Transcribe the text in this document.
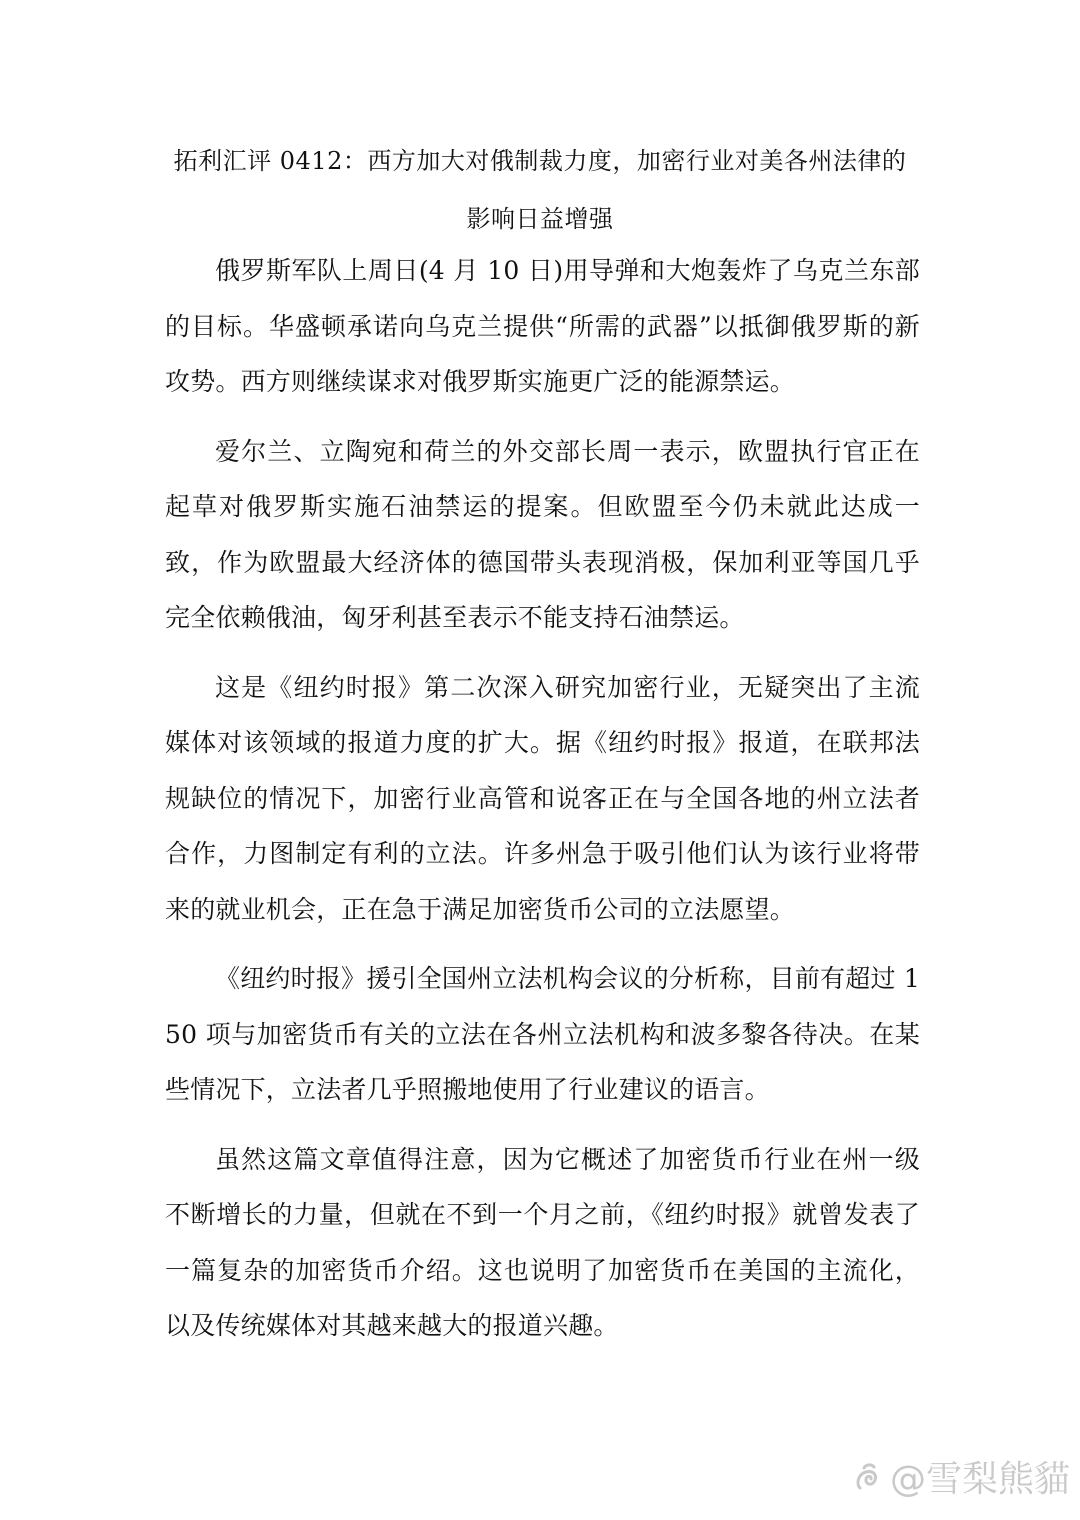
拓利汇评 0412：西方加大对俄制裁力度，加密行业对美各州法律的
影响日益增强

俄罗斯军队上周日(4 月 10 日)用导弹和大炮轰炸了乌克兰东部的目标。华盛顿承诺向乌克兰提供“所需的武器”以抵御俄罗斯的新攻势。西方则继续谋求对俄罗斯实施更广泛的能源禁运。

爱尔兰、立陶宛和荷兰的外交部长周一表示，欧盟执行官正在起草对俄罗斯实施石油禁运的提案。但欧盟至今仍未就此达成一致，作为欧盟最大经济体的德国带头表现消极，保加利亚等国几乎完全依赖俄油，匈牙利甚至表示不能支持石油禁运。

这是《纽约时报》第二次深入研究加密行业，无疑突出了主流媒体对该领域的报道力度的扩大。据《纽约时报》报道，在联邦法规缺位的情况下，加密行业高管和说客正在与全国各地的州立法者合作，力图制定有利的立法。许多州急于吸引他们认为该行业将带来的就业机会，正在急于满足加密货币公司的立法愿望。

《纽约时报》援引全国州立法机构会议的分析称，目前有超过 150 项与加密货币有关的立法在各州立法机构和波多黎各待决。在某些情况下，立法者几乎照搬地使用了行业建议的语言。

虽然这篇文章值得注意，因为它概述了加密货币行业在州一级不断增长的力量，但就在不到一个月之前，《纽约时报》就曾发表了一篇复杂的加密货币介绍。这也说明了加密货币在美国的主流化，以及传统媒体对其越来越大的报道兴趣。

@雪梨熊貓
